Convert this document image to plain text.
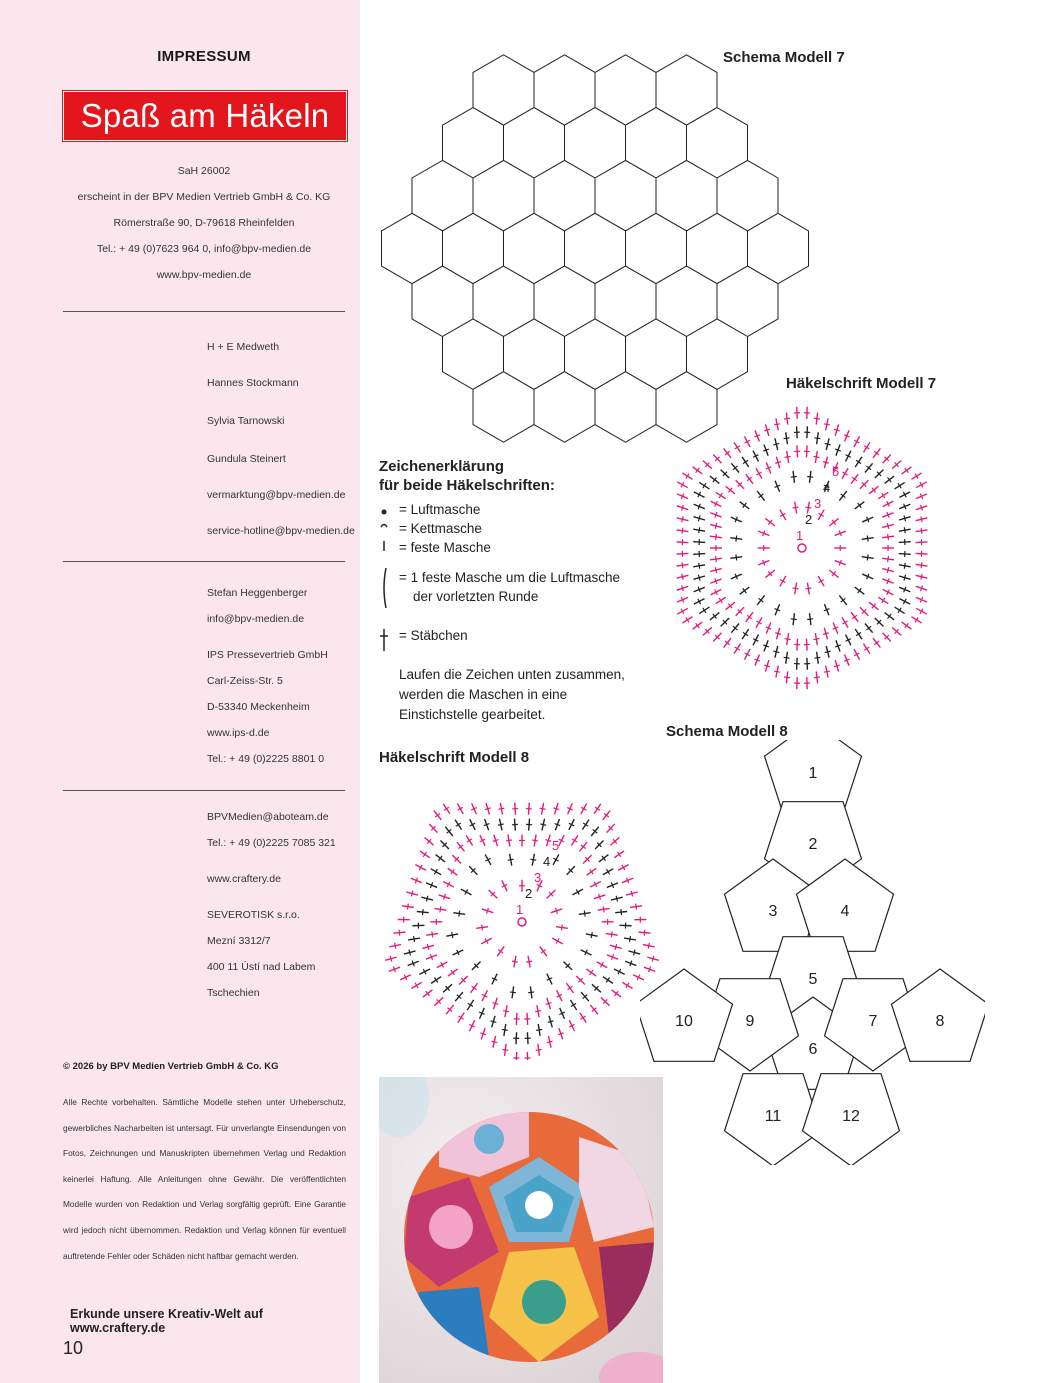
IMPRESSUM
Spaß am Häkeln
SaH 26002
erscheint in der BPV Medien Vertrieb GmbH & Co. KG
Römerstraße 90, D-79618 Rheinfelden
Tel.: + 49 (0)7623 964 0, info@bpv-medien.de
www.bpv-medien.de
H + E Medweth
Hannes Stockmann
Sylvia Tarnowski
Gundula Steinert
vermarktung@bpv-medien.de
service-hotline@bpv-medien.de
Stefan Heggenberger
info@bpv-medien.de
IPS Pressevertrieb GmbH
Carl-Zeiss-Str. 5
D-53340 Meckenheim
www.ips-d.de
Tel.: + 49 (0)2225 8801 0
BPVMedien@aboteam.de
Tel.: + 49 (0)2225 7085 321
www.craftery.de
SEVEROTISK s.r.o.
Mezní 3312/7
400 11 Ústí nad Labem
Tschechien
© 2026 by BPV Medien Vertrieb GmbH & Co. KG
Alle Rechte vorbehalten. Sämtliche Modelle stehen unter Urheberschutz, gewerbliches Nacharbeiten ist untersagt. Für unverlangte Einsendungen von Fotos, Zeichnungen und Manuskripten übernehmen Verlag und Redaktion keinerlei Haftung. Alle Anleitungen ohne Gewähr. Die veröffentlichten Modelle wurden von Redaktion und Verlag sorgfältig geprüft. Eine Garantie wird jedoch nicht übernommen. Redaktion und Verlag können für eventuell auftretende Fehler oder Schäden nicht haftbar gemacht werden.
Erkunde unsere Kreativ-Welt auf www.craftery.de
10
Schema Modell 7
Häkelschrift Modell 7
Schema Modell 8
Häkelschrift Modell 8
Zeichenerklärung
für beide Häkelschriften:
= Luftmasche
= Kettmasche
= feste Masche
= 1 feste Masche um die Luftmasche
der vorletzten Runde
= Stäbchen
Laufen die Zeichen unten zusammen, werden die Maschen in eine Einstichstelle gearbeitet.
1
2
3
4
5
1
2
3
4
5
1
2
3	4
5
6
7	8
9
10
11	12
